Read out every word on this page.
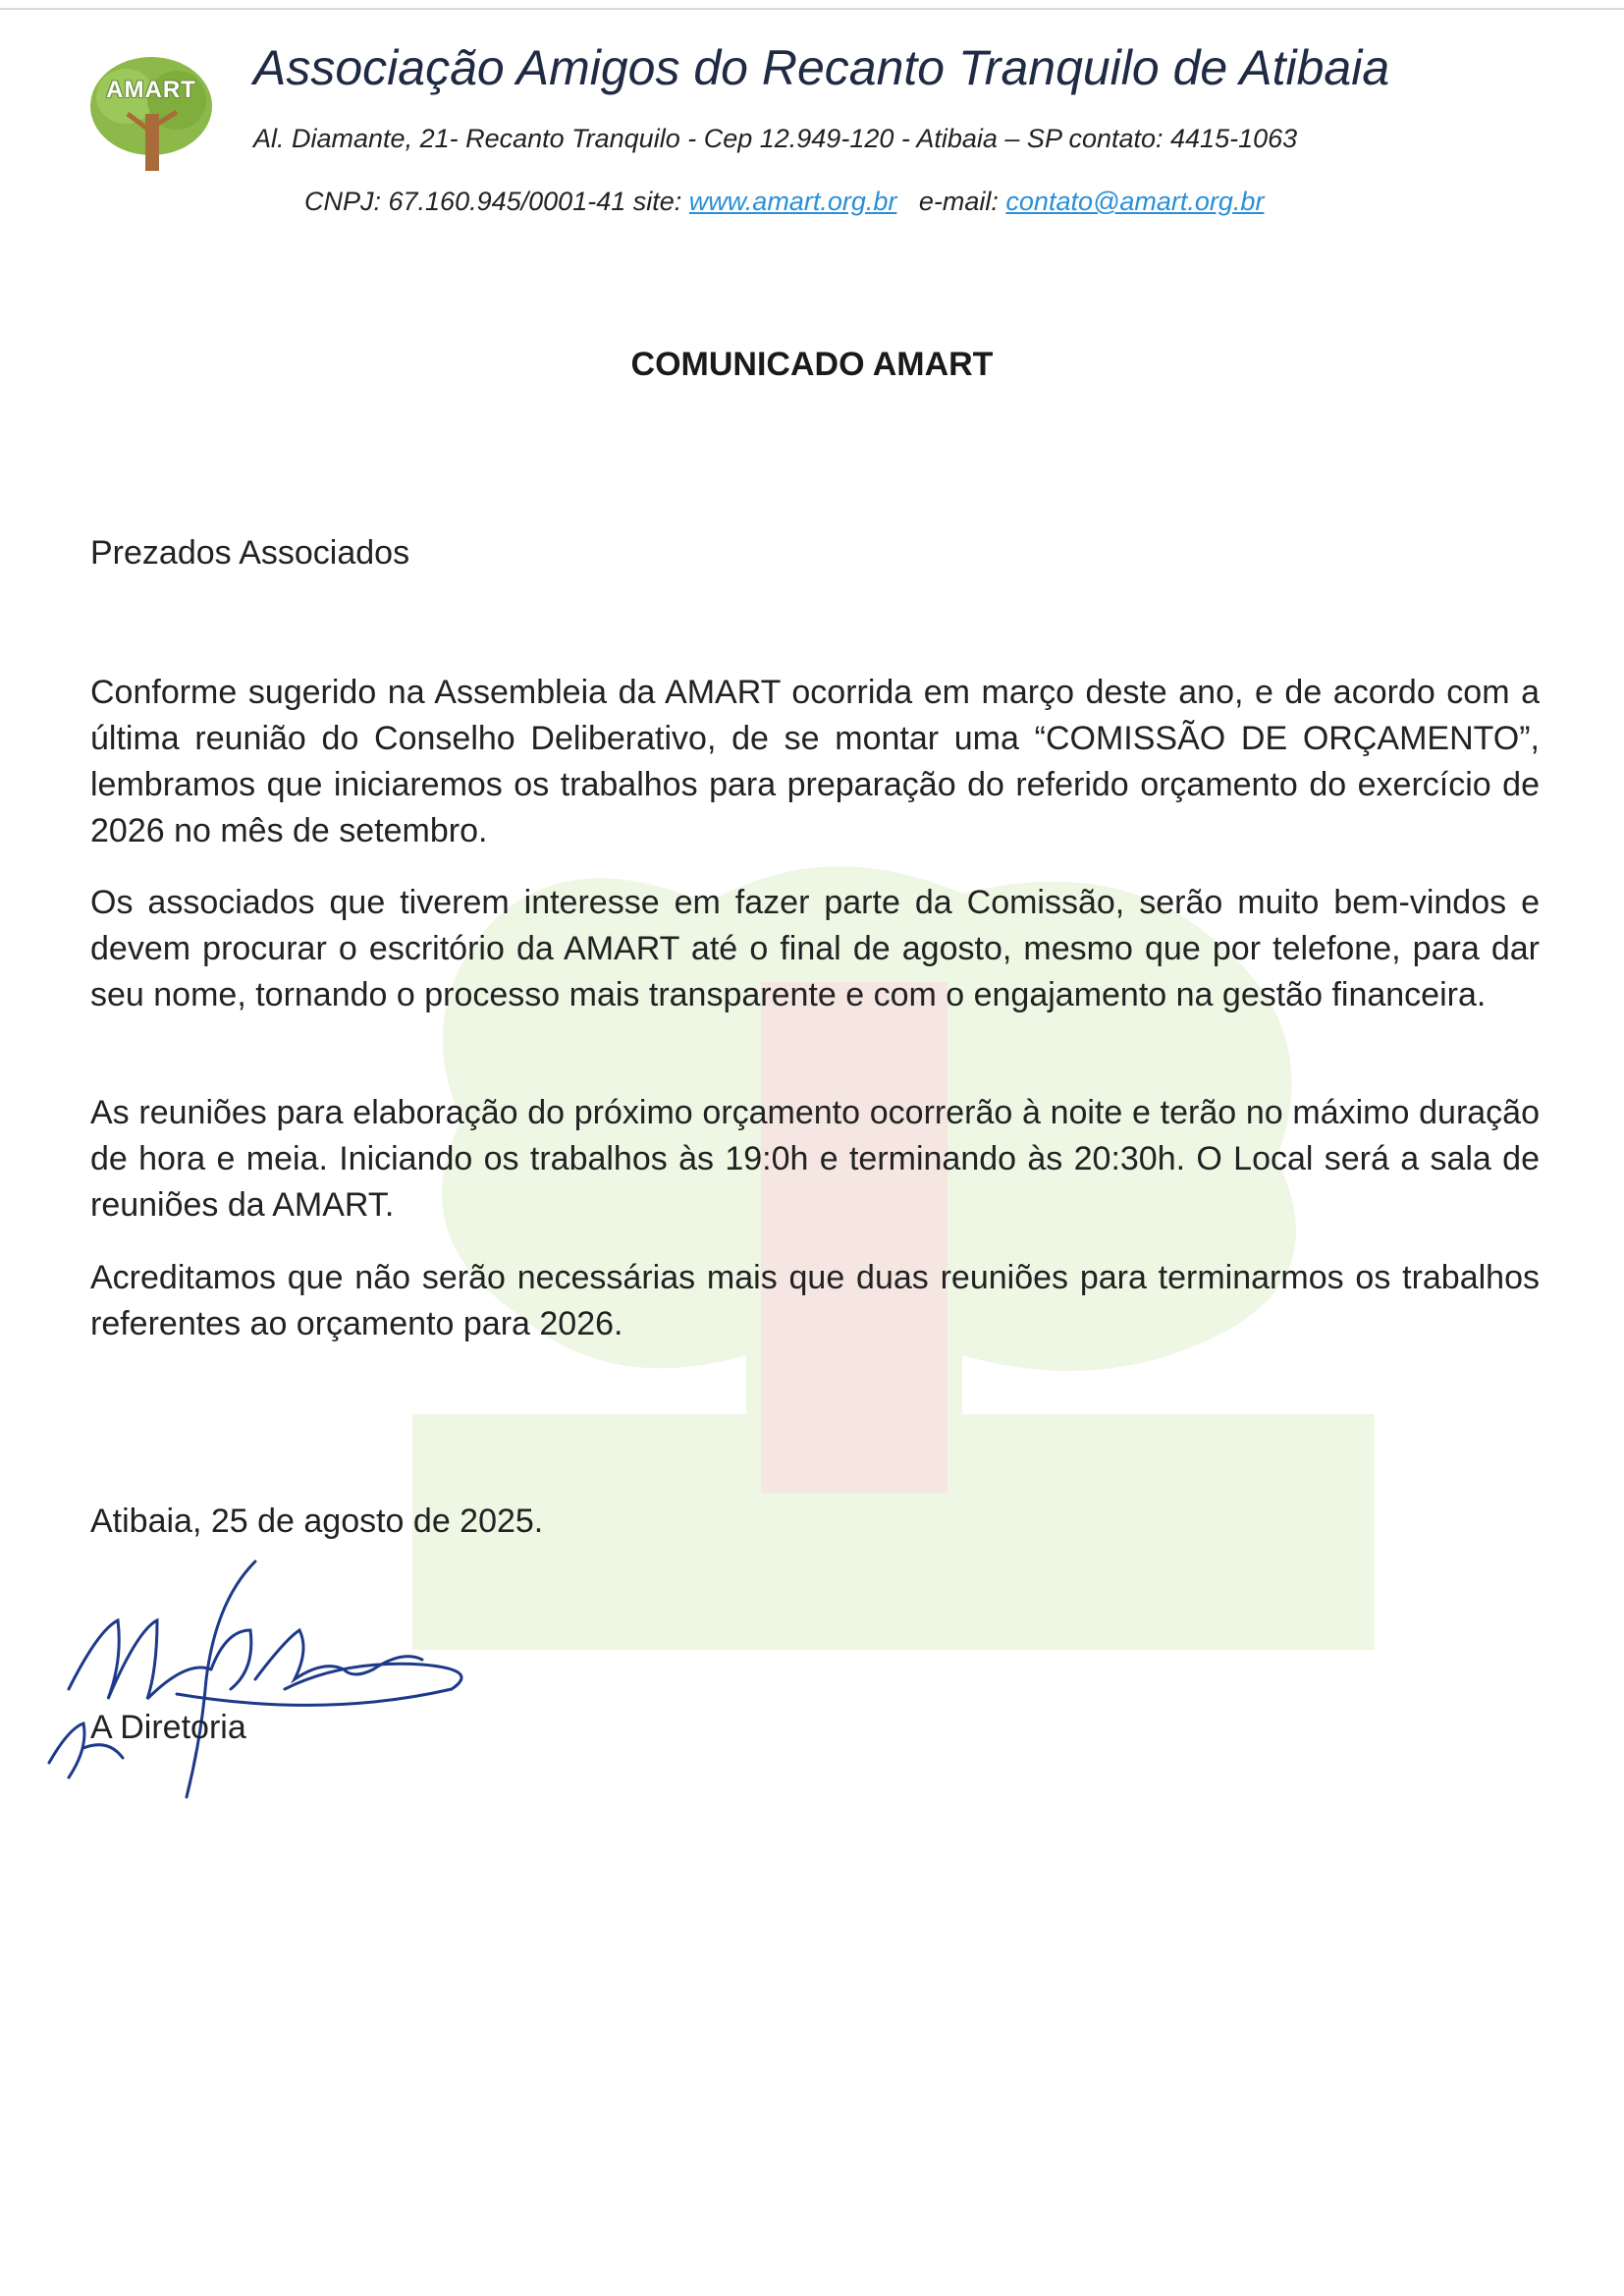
AMART	Associação Amigos do Recanto Tranquilo de Atibaia
Al. Diamante, 21- Recanto Tranquilo - Cep 12.949-120 - Atibaia – SP contato: 4415-1063
CNPJ: 67.160.945/0001-41 site: www.amart.org.br e-mail: contato@amart.org.br
COMUNICADO AMART
Prezados Associados

Conforme sugerido na Assembleia da AMART ocorrida em março deste ano, e de acordo com a última reunião do Conselho Deliberativo, de se montar uma “COMISSÃO DE ORÇAMENTO”, lembramos que iniciaremos os trabalhos para preparação do referido orçamento do exercício de 2026 no mês de setembro.

Os associados que tiverem interesse em fazer parte da Comissão, serão muito bem-vindos e devem procurar o escritório da AMART até o final de agosto, mesmo que por telefone, para dar seu nome, tornando o processo mais transparente e com o engajamento na gestão financeira.

As reuniões para elaboração do próximo orçamento ocorrerão à noite e terão no máximo duração de hora e meia. Iniciando os trabalhos às 19:0h e terminando às 20:30h. O Local será a sala de reuniões da AMART.

Acreditamos que não serão necessárias mais que duas reuniões para terminarmos os trabalhos referentes ao orçamento para 2026.

Atibaia, 25 de agosto de 2025.
A Diretoria
